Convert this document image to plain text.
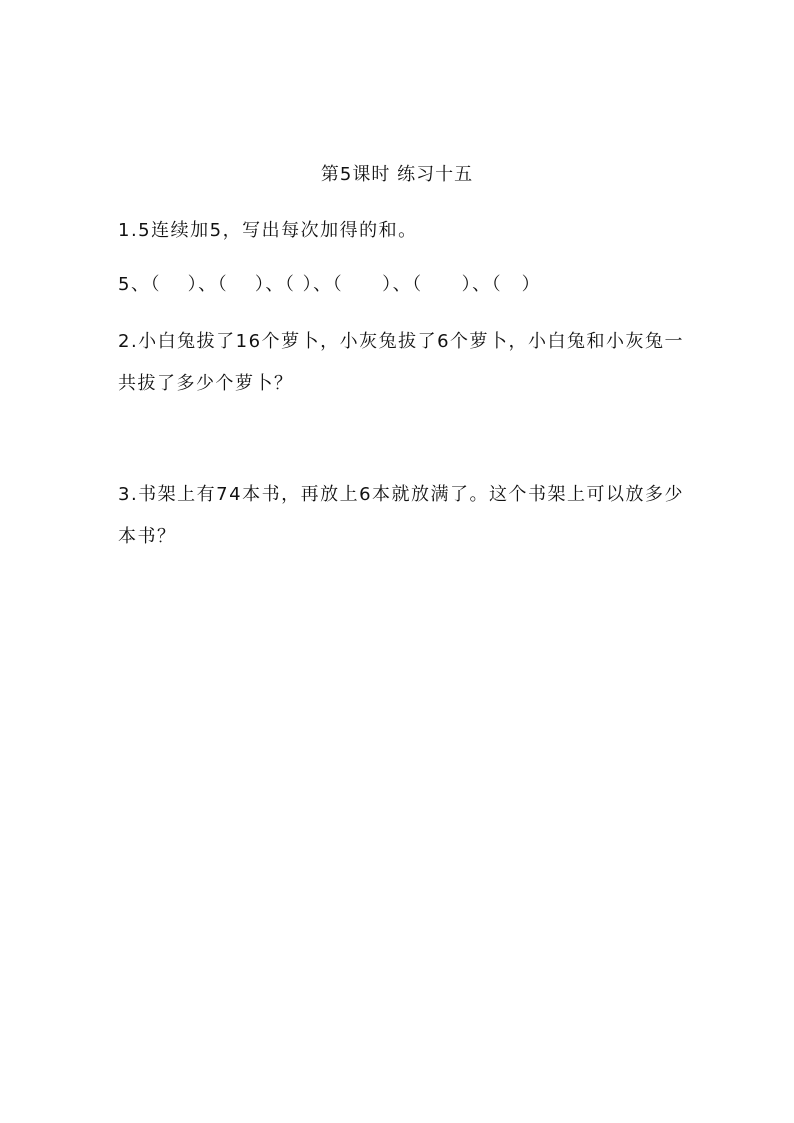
第5课时 练习十五
1.5连续加5，写出每次加得的和。
5、（　 ）、（　 ）、（ ）、（　　）、（　　）、（　）
2.小白兔拔了16个萝卜，小灰兔拔了6个萝卜，小白兔和小灰兔一
共拔了多少个萝卜？
3.书架上有74本书，再放上6本就放满了。这个书架上可以放多少
本书？
